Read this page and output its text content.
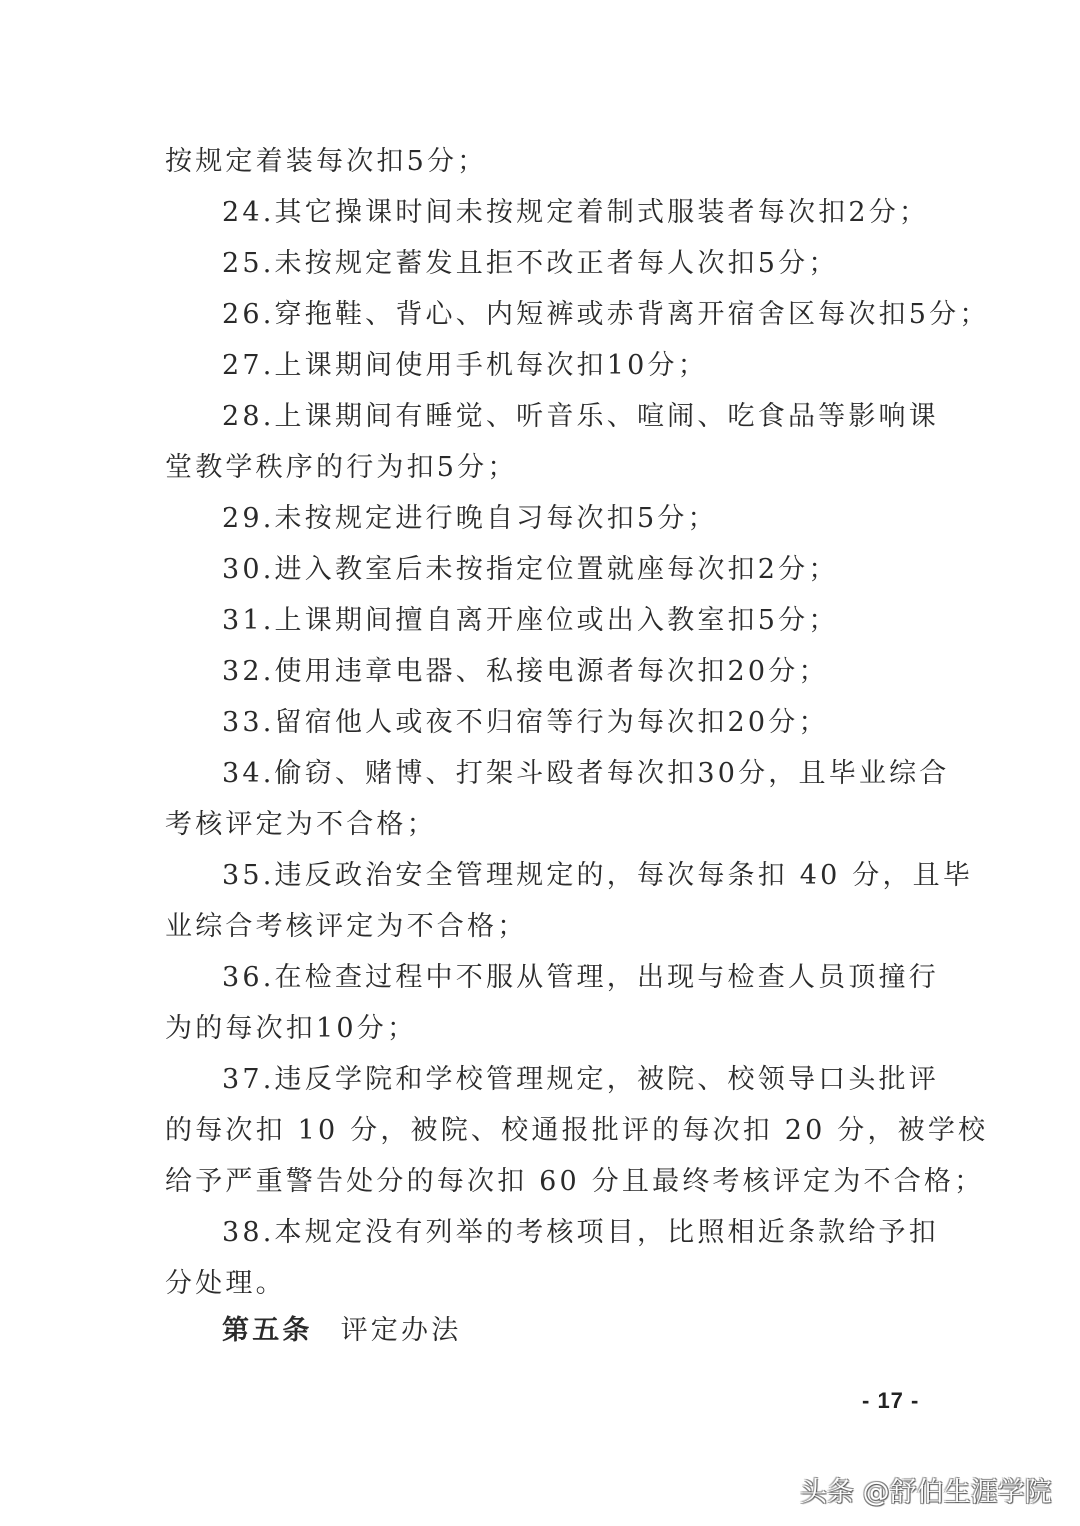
按规定着装每次扣5分；
24.其它操课时间未按规定着制式服装者每次扣2分；
25.未按规定蓄发且拒不改正者每人次扣5分；
26.穿拖鞋、背心、内短裤或赤背离开宿舍区每次扣5分；
27.上课期间使用手机每次扣10分；
28.上课期间有睡觉、听音乐、喧闹、吃食品等影响课
堂教学秩序的行为扣5分；
29.未按规定进行晚自习每次扣5分；
30.进入教室后未按指定位置就座每次扣2分；
31.上课期间擅自离开座位或出入教室扣5分；
32.使用违章电器、私接电源者每次扣20分；
33.留宿他人或夜不归宿等行为每次扣20分；
34.偷窃、赌博、打架斗殴者每次扣30分，且毕业综合
考核评定为不合格；
35.违反政治安全管理规定的，每次每条扣 40 分，且毕
业综合考核评定为不合格；
36.在检查过程中不服从管理，出现与检查人员顶撞行
为的每次扣10分；
37.违反学院和学校管理规定，被院、校领导口头批评
的每次扣 10 分，被院、校通报批评的每次扣 20 分，被学校
给予严重警告处分的每次扣 60 分且最终考核评定为不合格；
38.本规定没有列举的考核项目，比照相近条款给予扣
分处理。
第五条 评定办法
- 17 -
头条 @舒伯生涯学院
